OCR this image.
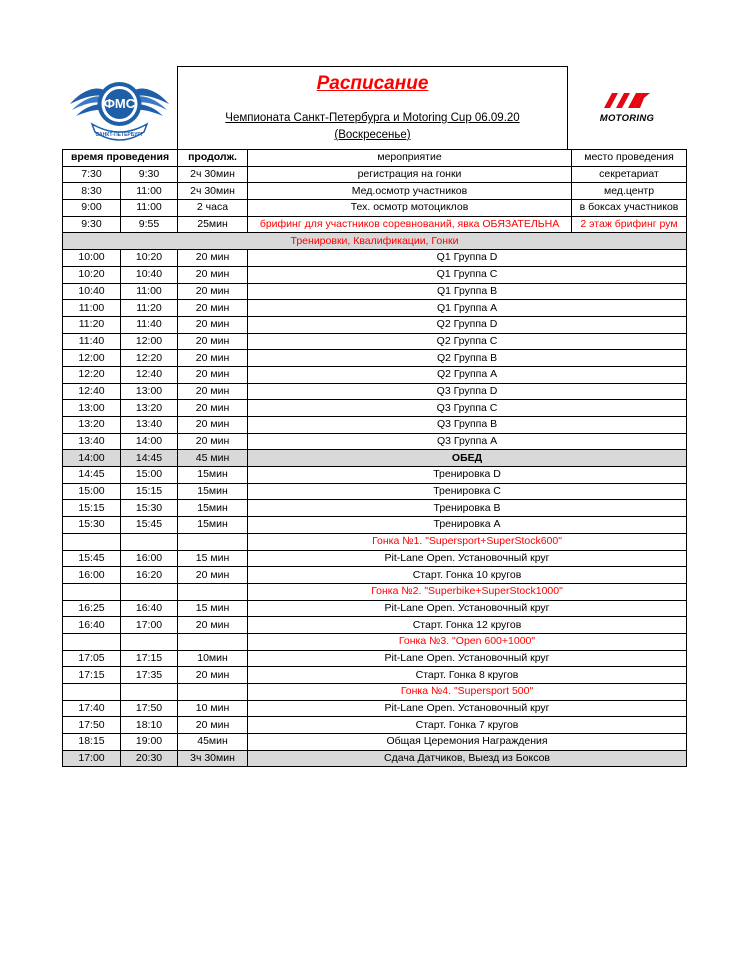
ФМС
САНКТ-ПЕТЕРБУРГ
Расписание
Чемпионата Санкт-Петербурга и Motoring Cup 06.09.20
(Воскресенье)
MOTORING
время проведения		продолж.	мероприятие	место проведения
7:30	9:30	2ч 30мин	регистрация на гонки	секретариат
8:30	11:00	2ч 30мин	Мед.осмотр участников	мед.центр
9:00	11:00	2 часа	Тех. осмотр мотоциклов	в боксах участников
9:30	9:55	25мин	брифинг для участников соревнований, явка ОБЯЗАТЕЛЬНА	2 этаж брифинг рум
Тренировки, Квалификации, Гонки				
10:00	10:20	20 мин	Q1 Группа D	
10:20	10:40	20 мин	Q1 Группа C	
10:40	11:00	20 мин	Q1 Группа B	
11:00	11:20	20 мин	Q1 Группа A	
11:20	11:40	20 мин	Q2 Группа D	
11:40	12:00	20 мин	Q2 Группа C	
12:00	12:20	20 мин	Q2 Группа B	
12:20	12:40	20 мин	Q2 Группа A	
12:40	13:00	20 мин	Q3 Группа D	
13:00	13:20	20 мин	Q3 Группа C	
13:20	13:40	20 мин	Q3 Группа B	
13:40	14:00	20 мин	Q3 Группа A	
14:00	14:45	45 мин	ОБЕД	
14:45	15:00	15мин	Тренировка D	
15:00	15:15	15мин	Тренировка C	
15:15	15:30	15мин	Тренировка B	
15:30	15:45	15мин	Тренировка A	
			Гонка №1. "Supersport+SuperStock600"	
15:45	16:00	15 мин	Pit-Lane Open. Установочный круг	
16:00	16:20	20 мин	Старт. Гонка 10 кругов	
			Гонка №2. "Superbike+SuperStock1000"	
16:25	16:40	15 мин	Pit-Lane Open. Установочный круг	
16:40	17:00	20 мин	Старт. Гонка 12 кругов	
			Гонка №3. "Open 600+1000"	
17:05	17:15	10мин	Pit-Lane Open. Установочный круг	
17:15	17:35	20 мин	Старт. Гонка 8 кругов	
			Гонка №4. "Supersport 500"	
17:40	17:50	10 мин	Pit-Lane Open. Установочный круг	
17:50	18:10	20 мин	Старт. Гонка 7 кругов	
18:15	19:00	45мин	Общая Церемония Награждения	
17:00	20:30	3ч 30мин	Сдача Датчиков, Выезд из Боксов	
